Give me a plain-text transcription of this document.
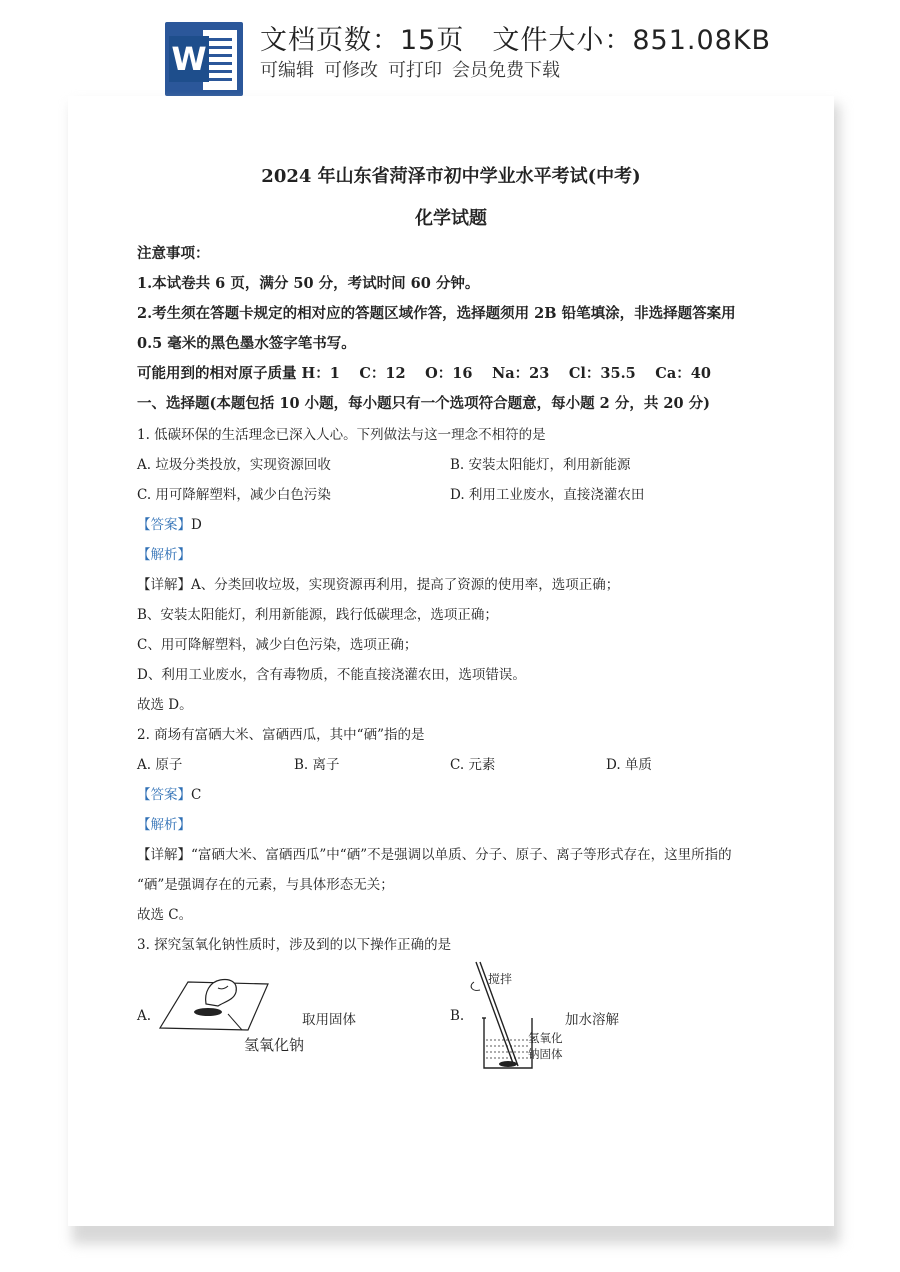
W 文档页数：15页 文件大小：851.08KB
可编辑 可修改 可打印 会员免费下载
2024 年山东省菏泽市初中学业水平考试(中考)
化学试题
注意事项：
1.本试卷共 6 页，满分 50 分，考试时间 60 分钟。
2.考生须在答题卡规定的相对应的答题区域作答，选择题须用 2B 铅笔填涂，非选择题答案用
0.5 毫米的黑色墨水签字笔书写。
可能用到的相对原子质量 H：1　 C：12　 O：16　 Na：23　 Cl：35.5　 Ca：40
一、选择题(本题包括 10 小题，每小题只有一个选项符合题意，每小题 2 分，共 20 分)
1. 低碳环保的生活理念已深入人心。下列做法与这一理念不相符的是
A. 垃圾分类投放，实现资源回收	B. 安装太阳能灯，利用新能源
C. 用可降解塑料，减少白色污染	D. 利用工业废水，直接浇灌农田
【答案】D
【解析】
【详解】A、分类回收垃圾，实现资源再利用，提高了资源的使用率，选项正确；
B、安装太阳能灯，利用新能源，践行低碳理念，选项正确；
C、用可降解塑料，减少白色污染，选项正确；
D、利用工业废水，含有毒物质，不能直接浇灌农田，选项错误。
故选 D。
2. 商场有富硒大米、富硒西瓜，其中“硒”指的是
A. 原子	B. 离子	C. 元素	D. 单质
【答案】C
【解析】
【详解】“富硒大米、富硒西瓜”中“硒”不是强调以单质、分子、原子、离子等形式存在，这里所指的
“硒”是强调存在的元素，与具体形态无关；
故选 C。
3. 探究氢氧化钠性质时，涉及到的以下操作正确的是
A.
氢氧化钠
取用固体	B.
搅拌
氢氧化
钠固体
加水溶解
